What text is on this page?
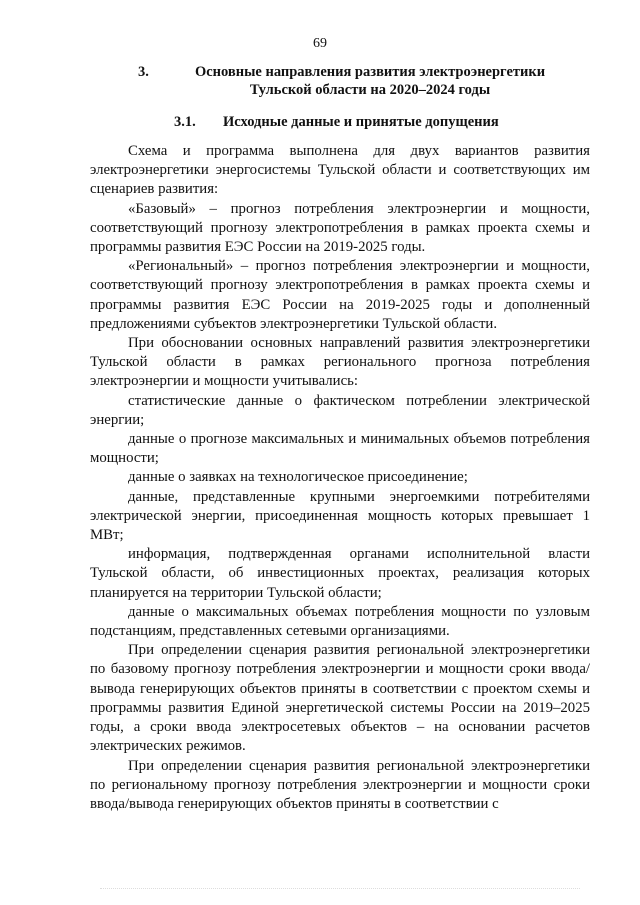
69
3.	Основные направления развития электроэнергетики Тульской области на 2020–2024 годы
3.1. Исходные данные и принятые допущения

Схема и программа выполнена для двух вариантов развития электроэнергетики энергосистемы Тульской области и соответствующих им сценариев развития:

«Базовый» – прогноз потребления электроэнергии и мощности, соответствующий прогнозу электропотребления в рамках проекта схемы и программы развития ЕЭС России на 2019-2025 годы.

«Региональный» – прогноз потребления электроэнергии и мощности, соответствующий прогнозу электропотребления в рамках проекта схемы и программы развития ЕЭС России на 2019-2025 годы и дополненный предложениями субъектов электроэнергетики Тульской области.

При обосновании основных направлений развития электроэнергетики Тульской области в рамках регионального прогноза потребления электроэнергии и мощности учитывались:

статистические данные о фактическом потреблении электрической энергии;

данные о прогнозе максимальных и минимальных объемов потребления мощности;

данные о заявках на технологическое присоединение;

данные, представленные крупными энергоемкими потребителями электрической энергии, присоединенная мощность которых превышает 1 МВт;

информация, подтвержденная органами исполнительной власти Тульской области, об инвестиционных проектах, реализация которых планируется на территории Тульской области;

данные о максимальных объемах потребления мощности по узловым подстанциям, представленных сетевыми организациями.

При определении сценария развития региональной электроэнергетики по базовому прогнозу потребления электроэнергии и мощности сроки ввода/вывода генерирующих объектов приняты в соответствии с проектом схемы и программы развития Единой энергетической системы России на 2019–2025 годы, а сроки ввода электросетевых объектов – на основании расчетов электрических режимов.

При определении сценария развития региональной электроэнергетики по региональному прогнозу потребления электроэнергии и мощности сроки ввода/вывода генерирующих объектов приняты в соответствии с
